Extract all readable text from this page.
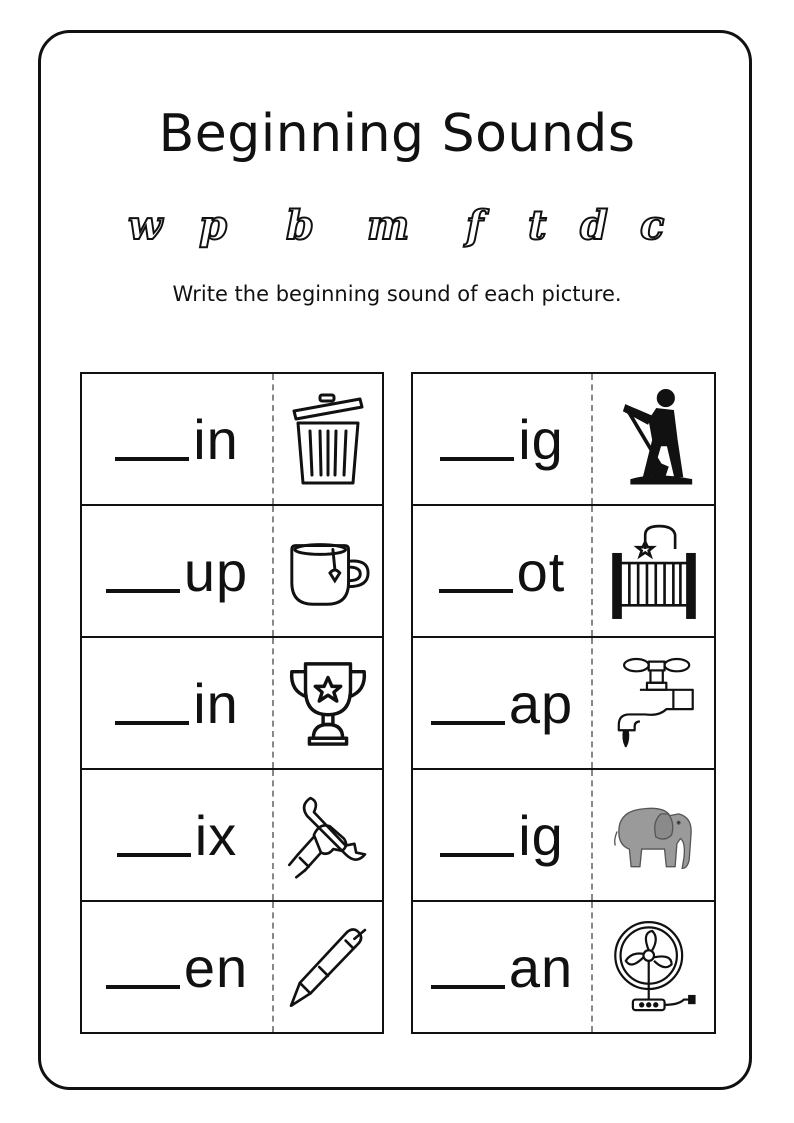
Beginning Sounds
w p b m f t d c

Write the beginning sound of each picture.

in
up
in
ix
en
ig
ot
ap
ig
an
